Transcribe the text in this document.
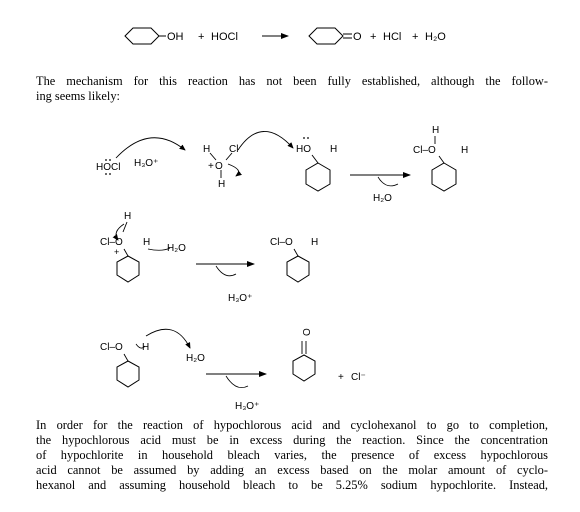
OH + HOCl	O + HCl + H₂O
HOCl H₃O⁺
H Cl
+ O
H
HO H
H₂O
H
Cl–O	H
H
Cl–O
+
H
H₂O
H₃O⁺
Cl–O H
Cl–O H
H₂O
H₃O⁺
O
+ Cl⁻

The mechanism for this reaction has not been fully established, although the follow-
ing seems likely:

In order for the reaction of hypochlorous acid and cyclohexanol to go to completion,
the hypochlorous acid must be in excess during the reaction. Since the concentration
of hypochlorite in household bleach varies, the presence of excess hypochlorous
acid cannot be assumed by adding an excess based on the molar amount of cyclo-
hexanol and assuming household bleach to be 5.25% sodium hypochlorite. Instead,
